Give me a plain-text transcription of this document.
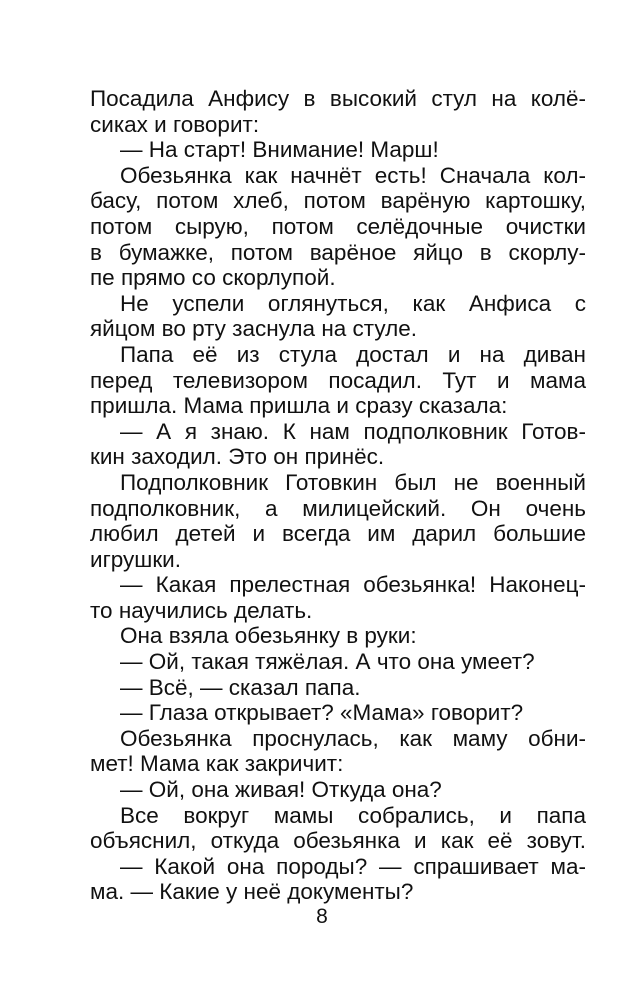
Посадила Анфису в высокий стул на колё-
сиках и говорит:
— На старт! Внимание! Марш!
Обезьянка как начнёт есть! Сначала кол-
басу, потом хлеб, потом варёную картошку,
потом сырую, потом селёдочные очистки
в бумажке, потом варёное яйцо в скорлу-
пе прямо со скорлупой.
Не успели оглянуться, как Анфиса с
яйцом во рту заснула на стуле.
Папа её из стула достал и на диван
перед телевизором посадил. Тут и мама
пришла. Мама пришла и сразу сказала:
— А я знаю. К нам подполковник Готов-
кин заходил. Это он принёс.
Подполковник Готовкин был не военный
подполковник, а милицейский. Он очень
любил детей и всегда им дарил большие
игрушки.
— Какая прелестная обезьянка! Наконец-
то научились делать.
Она взяла обезьянку в руки:
— Ой, такая тяжёлая. А что она умеет?
— Всё, — сказал папа.
— Глаза открывает? «Мама» говорит?
Обезьянка проснулась, как маму обни-
мет! Мама как закричит:
— Ой, она живая! Откуда она?
Все вокруг мамы собрались, и папа
объяснил, откуда обезьянка и как её зовут.
— Какой она породы? — спрашивает ма-
ма. — Какие у неё документы?
8
